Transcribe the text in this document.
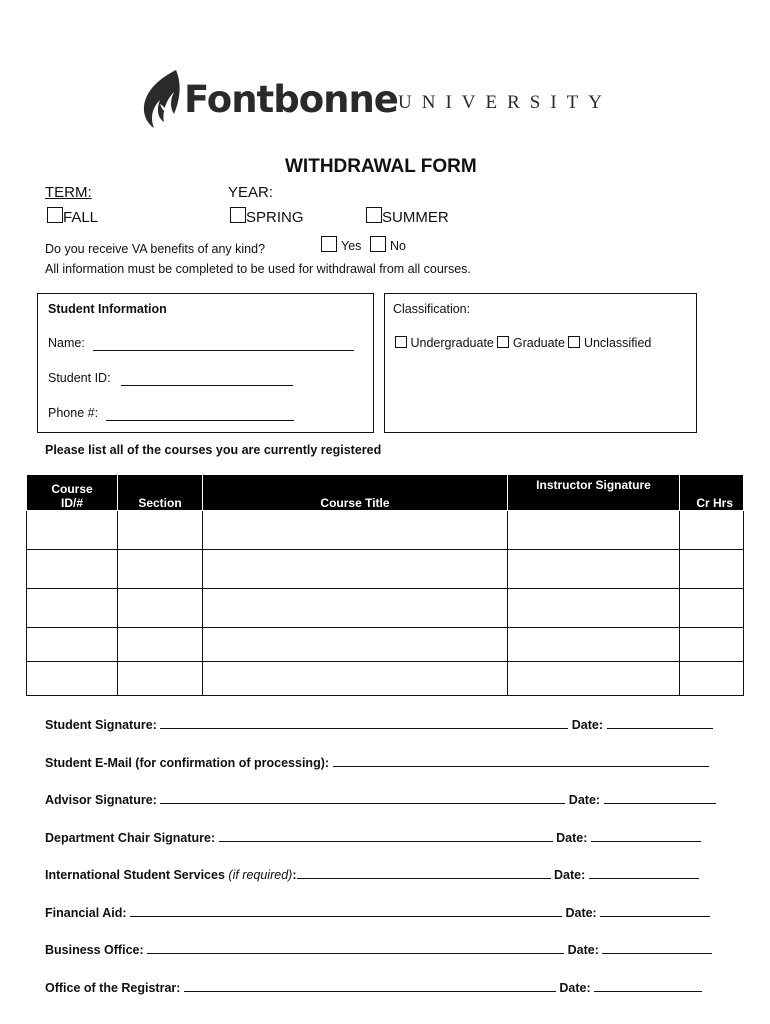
Fontbonne UNIVERSITY
WITHDRAWAL FORM
TERM:	YEAR:
FALL	SPRING	SUMMER
Do you receive VA benefits of any kind?	Yes	No
All information must be completed to be used for withdrawal from all courses.
Student Information
Name:
Student ID:
Phone #:
Classification:
Undergraduate Graduate Unclassified
Please list all of the courses you are currently registered
Course
ID/#	Section	Course Title	Instructor Signature	Cr Hrs

Student Signature:	Date:
Student E-Mail (for confirmation of processing):
Advisor Signature:	Date:
Department Chair Signature:	Date:
International Student Services (if required):	Date:
Financial Aid:	Date:
Business Office:	Date:
Office of the Registrar:	Date:
